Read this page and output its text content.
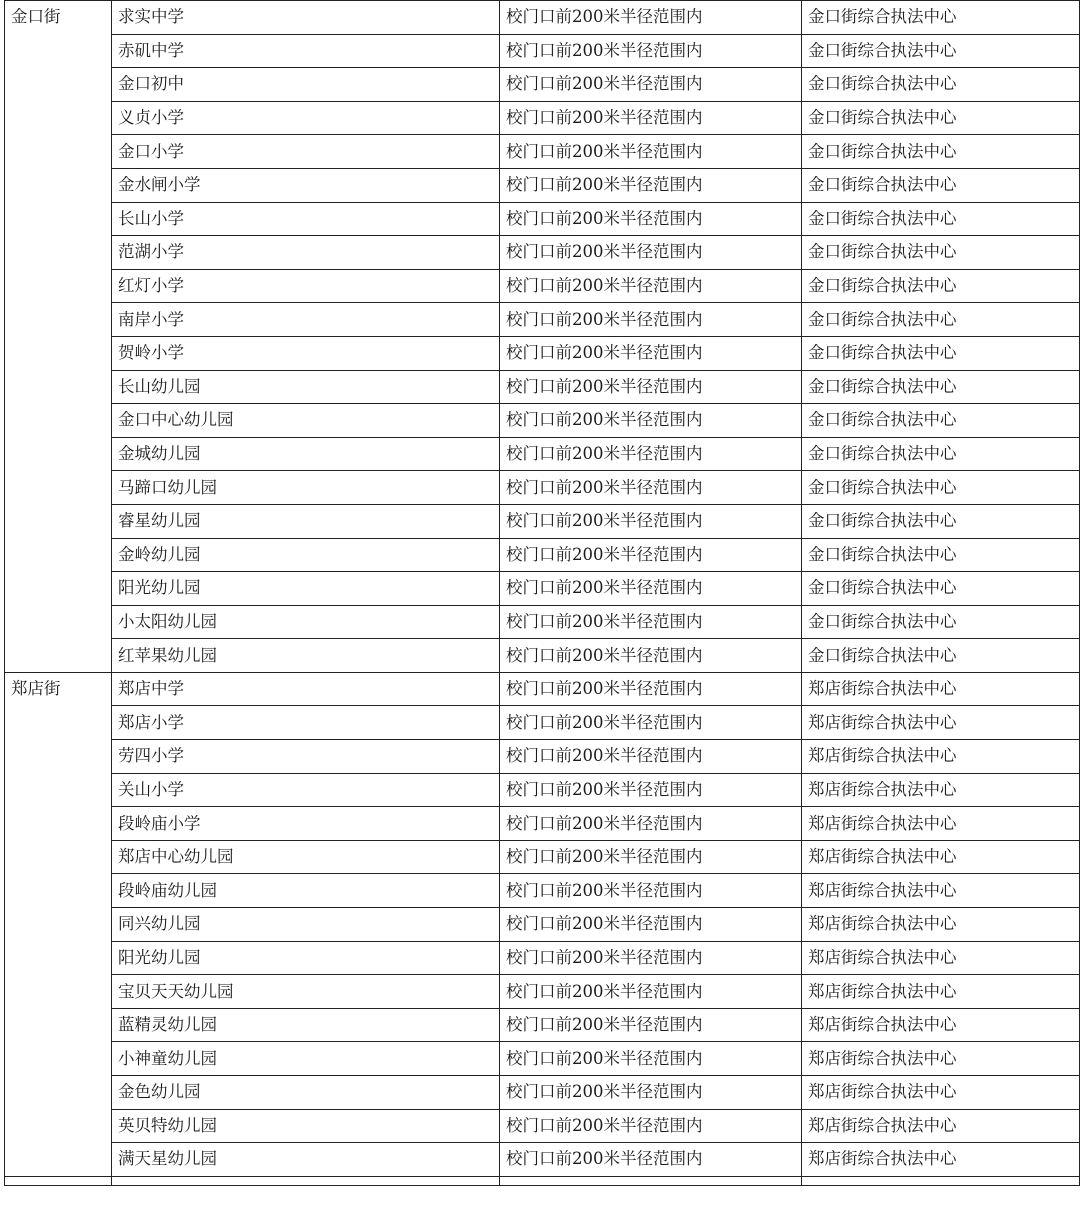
金口街	求实中学	校门口前200米半径范围内	金口街综合执法中心
	赤矶中学	校门口前200米半径范围内	金口街综合执法中心
	金口初中	校门口前200米半径范围内	金口街综合执法中心
	义贞小学	校门口前200米半径范围内	金口街综合执法中心
	金口小学	校门口前200米半径范围内	金口街综合执法中心
	金水闸小学	校门口前200米半径范围内	金口街综合执法中心
	长山小学	校门口前200米半径范围内	金口街综合执法中心
	范湖小学	校门口前200米半径范围内	金口街综合执法中心
	红灯小学	校门口前200米半径范围内	金口街综合执法中心
	南岸小学	校门口前200米半径范围内	金口街综合执法中心
	贺岭小学	校门口前200米半径范围内	金口街综合执法中心
	长山幼儿园	校门口前200米半径范围内	金口街综合执法中心
	金口中心幼儿园	校门口前200米半径范围内	金口街综合执法中心
	金城幼儿园	校门口前200米半径范围内	金口街综合执法中心
	马蹄口幼儿园	校门口前200米半径范围内	金口街综合执法中心
	睿星幼儿园	校门口前200米半径范围内	金口街综合执法中心
	金岭幼儿园	校门口前200米半径范围内	金口街综合执法中心
	阳光幼儿园	校门口前200米半径范围内	金口街综合执法中心
	小太阳幼儿园	校门口前200米半径范围内	金口街综合执法中心
	红苹果幼儿园	校门口前200米半径范围内	金口街综合执法中心
郑店街	郑店中学	校门口前200米半径范围内	郑店街综合执法中心
	郑店小学	校门口前200米半径范围内	郑店街综合执法中心
	劳四小学	校门口前200米半径范围内	郑店街综合执法中心
	关山小学	校门口前200米半径范围内	郑店街综合执法中心
	段岭庙小学	校门口前200米半径范围内	郑店街综合执法中心
	郑店中心幼儿园	校门口前200米半径范围内	郑店街综合执法中心
	段岭庙幼儿园	校门口前200米半径范围内	郑店街综合执法中心
	同兴幼儿园	校门口前200米半径范围内	郑店街综合执法中心
	阳光幼儿园	校门口前200米半径范围内	郑店街综合执法中心
	宝贝天天幼儿园	校门口前200米半径范围内	郑店街综合执法中心
	蓝精灵幼儿园	校门口前200米半径范围内	郑店街综合执法中心
	小神童幼儿园	校门口前200米半径范围内	郑店街综合执法中心
	金色幼儿园	校门口前200米半径范围内	郑店街综合执法中心
	英贝特幼儿园	校门口前200米半径范围内	郑店街综合执法中心
	满天星幼儿园	校门口前200米半径范围内	郑店街综合执法中心
